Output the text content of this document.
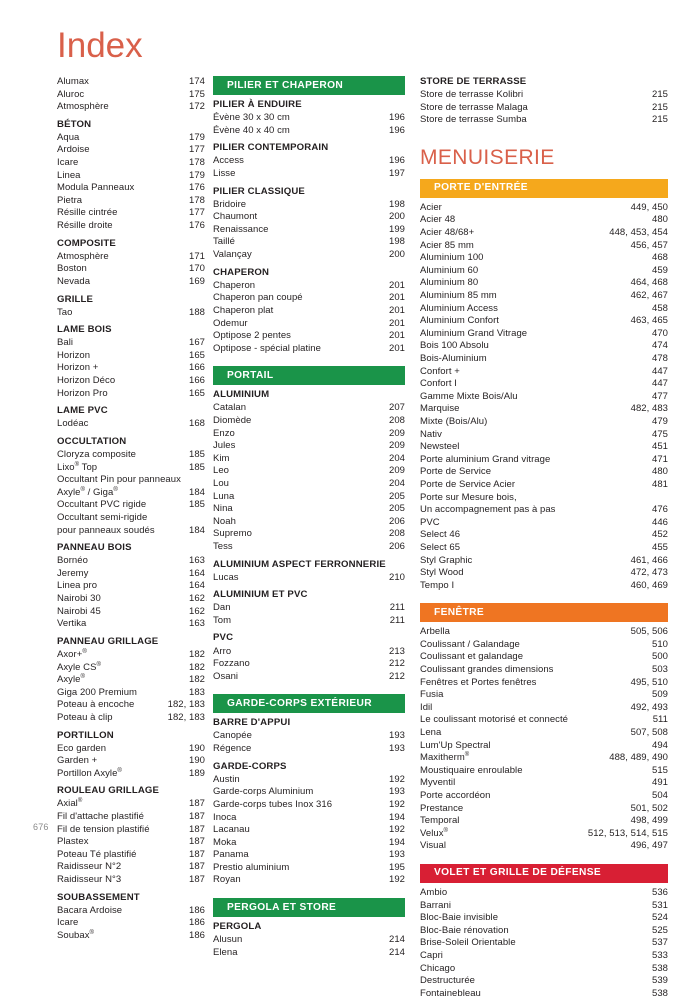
Index
Alumax	174
Aluroc	175
Atmosphère	172
BÉTON
Aqua	179
Ardoise	177
Icare	178
Linea	179
Modula Panneaux	176
Pietra	178
Résille cintrée	177
Résille droite	176
COMPOSITE
Atmosphère	171
Boston	170
Nevada	169
GRILLE
Tao	188
LAME BOIS
Bali	167
Horizon	165
Horizon +	166
Horizon Déco	166
Horizon Pro	165
LAME PVC
Lodéac	168
OCCULTATION
Cloryza composite	185
Lixo® Top	185
Occultant Pin pour panneaux
Axyle® / Giga®	184
Occultant PVC rigide	185
Occultant semi-rigide
pour panneaux soudés	184
PANNEAU BOIS
Bornéo	163
Jeremy	164
Linea pro	164
Nairobi 30	162
Nairobi 45	162
Vertika	163
PANNEAU GRILLAGE
Axor+®	182
Axyle CS®	182
Axyle®	182
Giga 200 Premium	183
Poteau à encoche	182, 183
Poteau à clip	182, 183
PORTILLON
Eco garden	190
Garden +	190
Portillon Axyle®	189
ROULEAU GRILLAGE
Axial®	187
Fil d'attache plastifié	187
Fil de tension plastifié	187
Plastex	187
Poteau Té plastifié	187
Raidisseur N°2	187
Raidisseur N°3	187
SOUBASSEMENT
Bacara Ardoise	186
Icare	186
Soubax®	186
PILIER ET CHAPERON
PILIER À ENDUIRE
Évène 30 x 30 cm	196
Évène 40 x 40 cm	196
PILIER CONTEMPORAIN
Access	196
Lisse	197
PILIER CLASSIQUE
Bridoire	198
Chaumont	200
Renaissance	199
Taillé	198
Valançay	200
CHAPERON
Chaperon	201
Chaperon pan coupé	201
Chaperon plat	201
Odemur	201
Optipose 2 pentes	201
Optipose - spécial platine	201
PORTAIL
ALUMINIUM
Catalan	207
Diomède	208
Enzo	209
Jules	209
Kim	204
Leo	209
Lou	204
Luna	205
Nina	205
Noah	206
Supremo	208
Tess	206
ALUMINIUM ASPECT FERRONNERIE
Lucas	210
ALUMINIUM ET PVC
Dan	211
Tom	211
PVC
Arro	213
Fozzano	212
Osani	212
GARDE-CORPS EXTÉRIEUR
BARRE D'APPUI
Canopée	193
Régence	193
GARDE-CORPS
Austin	192
Garde-corps Aluminium	193
Garde-corps tubes Inox 316	192
Inoca	194
Lacanau	192
Moka	194
Panama	193
Prestio aluminium	195
Royan	192
PERGOLA ET STORE
PERGOLA
Alusun	214
Elena	214
STORE DE TERRASSE
Store de terrasse Kolibri	215
Store de terrasse Malaga	215
Store de terrasse Sumba	215
MENUISERIE
PORTE D'ENTRÉE
Acier	449, 450
Acier 48	480
Acier 48/68+	448, 453, 454
Acier 85 mm	456, 457
Aluminium 100	468
Aluminium 60	459
Aluminium 80	464, 468
Aluminium 85 mm	462, 467
Aluminium Access	458
Aluminium Confort	463, 465
Aluminium Grand Vitrage	470
Bois 100 Absolu	474
Bois-Aluminium	478
Confort +	447
Confort I	447
Gamme Mixte Bois/Alu	477
Marquise	482, 483
Mixte (Bois/Alu)	479
Nativ	475
Newsteel	451
Porte aluminium Grand vitrage	471
Porte de Service	480
Porte de Service Acier	481
Porte sur Mesure bois,
Un accompagnement pas à pas	476
PVC	446
Select 46	452
Select 65	455
Styl Graphic	461, 466
Styl Wood	472, 473
Tempo I	460, 469
FENÊTRE
Arbella	505, 506
Coulissant / Galandage	510
Coulissant et galandage	500
Coulissant grandes dimensions	503
Fenêtres et Portes fenêtres	495, 510
Fusia	509
Idil	492, 493
Le coulissant motorisé et connecté	511
Lena	507, 508
Lum'Up Spectral	494
Maxitherm®	488, 489, 490
Moustiquaire enroulable	515
Myventil	491
Porte accordéon	504
Prestance	501, 502
Temporal	498, 499
Velux®	512, 513, 514, 515
Visual	496, 497
VOLET ET GRILLE DE DÉFENSE
Ambio	536
Barrani	531
Bloc-Baie invisible	524
Bloc-Baie rénovation	525
Brise-Soleil Orientable	537
Capri	533
Chicago	538
Destructurée	539
Fontainebleau	538
676
